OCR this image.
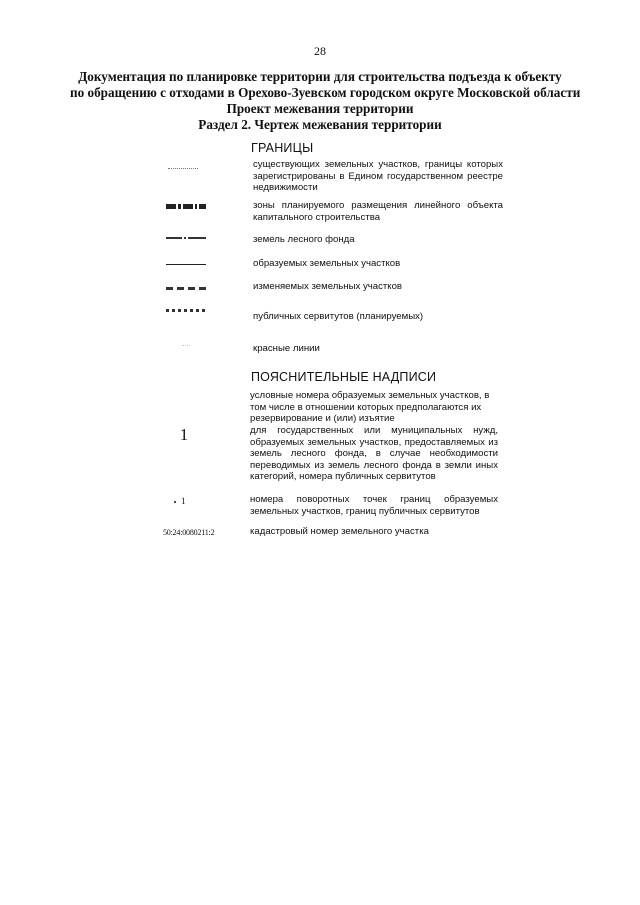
28
Документация по планировке территории для строительства подъезда к объекту
по обращению с отходами в Орехово-Зуевском городском округе Московской области
Проект межевания территории
Раздел 2. Чертеж межевания территории
ГРАНИЦЫ
существующих земельных участков, границы которых зарегистрированы в Едином государственном реестре недвижимости
зоны планируемого размещения линейного объекта капитального строительства
земель лесного фонда
образуемых земельных участков
изменяемых земельных участков
публичных сервитутов (планируемых)
красные линии
ПОЯСНИТЕЛЬНЫЕ НАДПИСИ
1
условные номера образуемых земельных участков, в том числе в отношении которых предполагаются их резервирование и (или) изъятие
для государственных или муниципальных нужд, образуемых земельных участков, предоставляемых из земель лесного фонда, в случае необходимости переводимых из земель лесного фонда в земли иных категорий, номера публичных сервитутов
1	номера поворотных точек границ образуемых земельных участков, границ публичных сервитутов
50:24:0080211:2	кадастровый номер земельного участка
